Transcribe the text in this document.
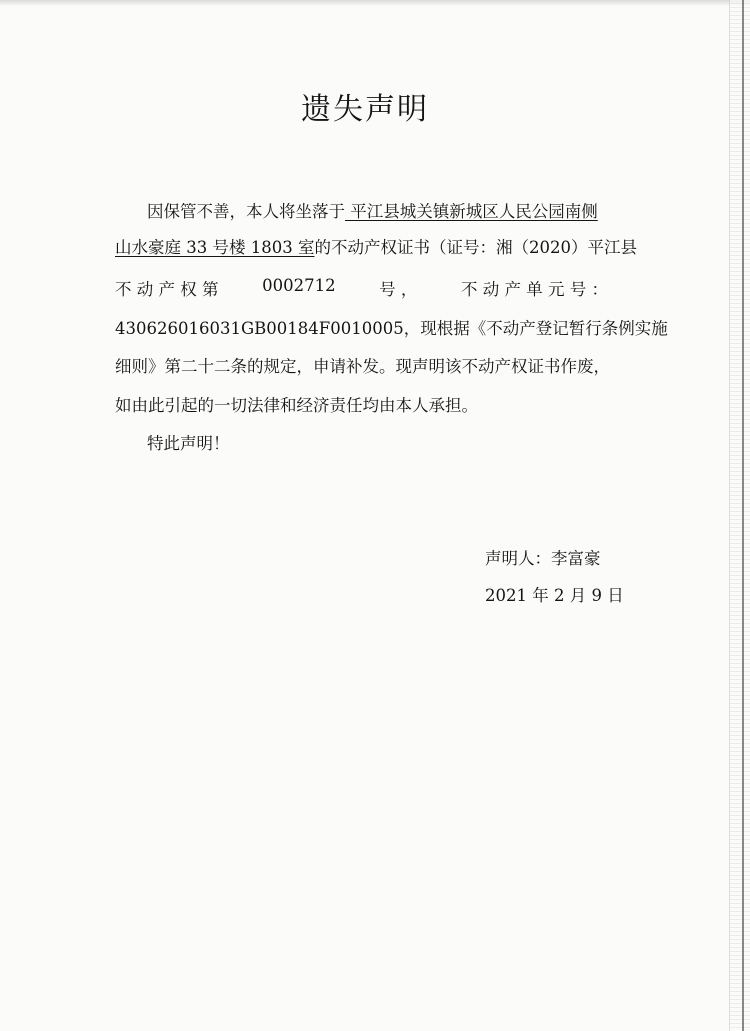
遗失声明
因保管不善，本人将坐落于 平江县城关镇新城区人民公园南侧
山水豪庭 33 号楼 1803 室的不动产权证书（证号：湘（2020）平江县
不 动 产 权 第	0002712	号 ，	不 动 产 单 元 号 ：
430626016031GB00184F0010005，现根据《不动产登记暂行条例实施
细则》第二十二条的规定，申请补发。现声明该不动产权证书作废，
如由此引起的一切法律和经济责任均由本人承担。
特此声明！
声明人：李富豪
2021 年 2 月 9 日
